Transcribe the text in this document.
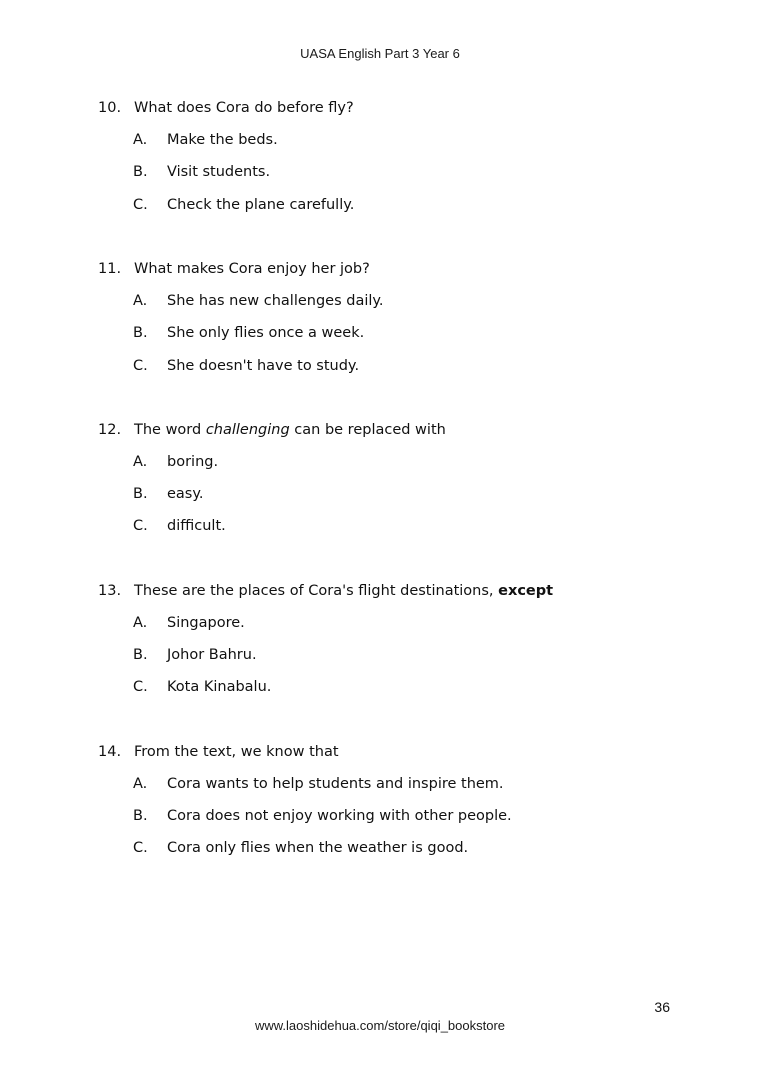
UASA English Part 3 Year 6
10. What does Cora do before fly?
A. Make the beds.
B. Visit students.
C. Check the plane carefully.
11. What makes Cora enjoy her job?
A. She has new challenges daily.
B. She only flies once a week.
C. She doesn't have to study.
12. The word challenging can be replaced with
A. boring.
B. easy.
C. difficult.
13. These are the places of Cora's flight destinations, except
A. Singapore.
B. Johor Bahru.
C. Kota Kinabalu.
14. From the text, we know that
A. Cora wants to help students and inspire them.
B. Cora does not enjoy working with other people.
C. Cora only flies when the weather is good.
36
www.laoshidehua.com/store/qiqi_bookstore
